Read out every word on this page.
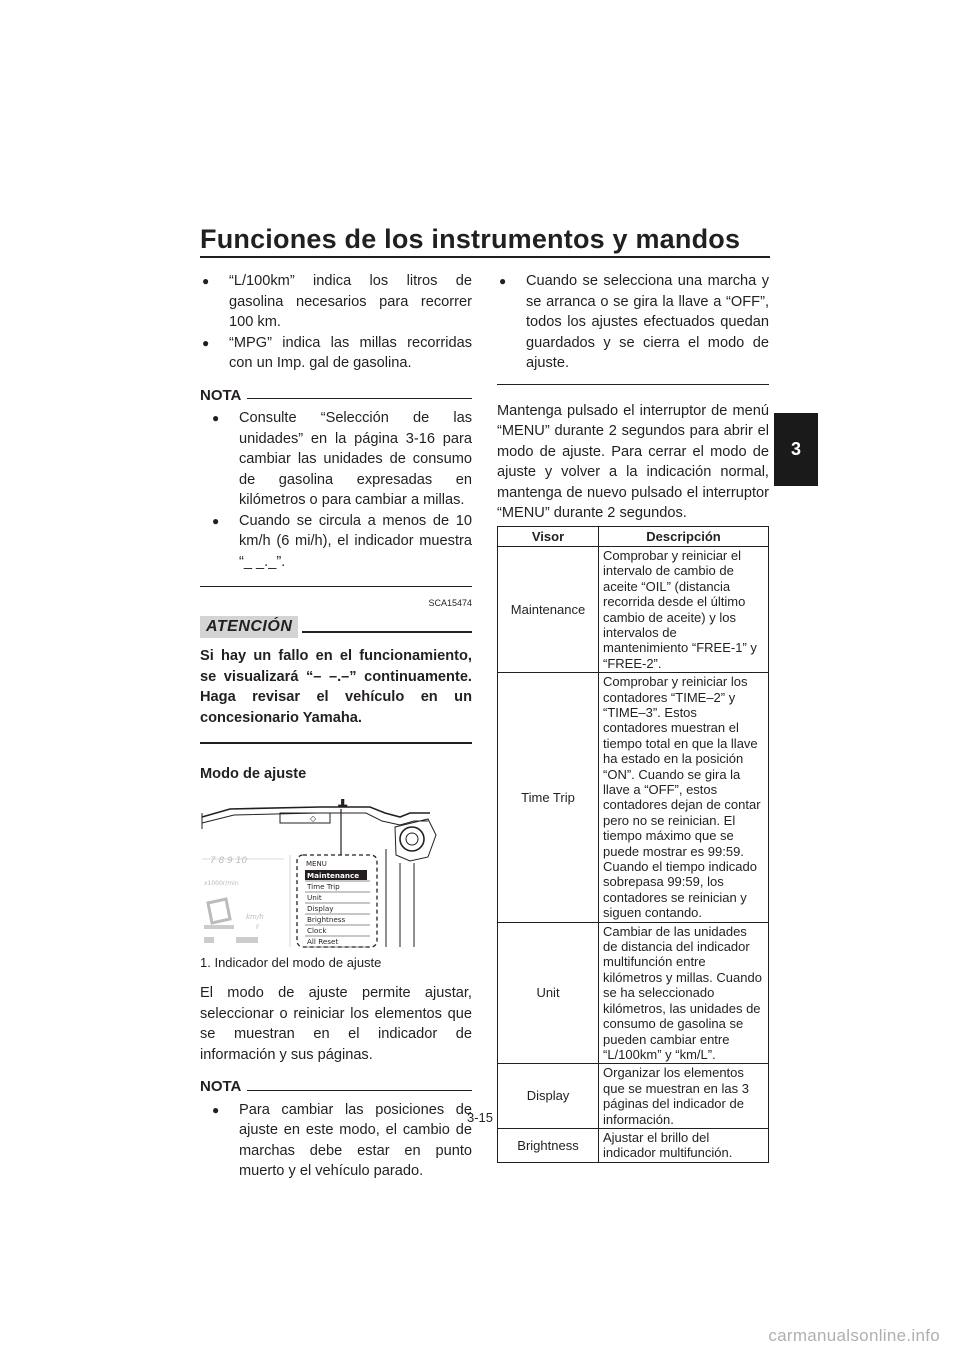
Funciones de los instrumentos y mandos
3
● “L/100km” indica los litros de gasolina necesarios para recorrer 100 km.
● “MPG” indica las millas recorridas con un Imp. gal de gasolina.
NOTA
● Consulte “Selección de las unidades” en la página 3-16 para cambiar las unidades de consumo de gasolina expresadas en kilómetros o para cambiar a millas.
● Cuando se circula a menos de 10 km/h (6 mi/h), el indicador muestra “_ _._”.
SCA15474
ATENCIÓN
Si hay un fallo en el funcionamiento, se visualizará “– –.–” continuamente. Haga revisar el vehículo en un concesionario Yamaha.
Modo de ajuste
◇
7 8 9 10
x1000r/min
km/h
F
1
MENU
Maintenance
Time Trip
Unit
Display
Brightness
Clock
All Reset
1. Indicador del modo de ajuste
El modo de ajuste permite ajustar, seleccionar o reiniciar los elementos que se muestran en el indicador de información y sus páginas.
NOTA
● Para cambiar las posiciones de ajuste en este modo, el cambio de marchas debe estar en punto muerto y el vehículo parado.
● Cuando se selecciona una marcha y se arranca o se gira la llave a “OFF”, todos los ajustes efectuados quedan guardados y se cierra el modo de ajuste.
Mantenga pulsado el interruptor de menú “MENU” durante 2 segundos para abrir el modo de ajuste. Para cerrar el modo de ajuste y volver a la indicación normal, mantenga de nuevo pulsado el interruptor “MENU” durante 2 segundos.
Visor	Descripción
Maintenance	Comprobar y reiniciar el intervalo de cambio de aceite “OIL” (distancia recorrida desde el último cambio de aceite) y los intervalos de mantenimiento “FREE-1” y “FREE-2”.
Time Trip	Comprobar y reiniciar los contadores “TIME–2” y “TIME–3”. Estos contadores muestran el tiempo total en que la llave ha estado en la posición “ON”. Cuando se gira la llave a “OFF”, estos contadores dejan de contar pero no se reinician. El tiempo máximo que se puede mostrar es 99:59. Cuando el tiempo indicado sobrepasa 99:59, los contadores se reinician y siguen contando.
Unit	Cambiar de las unidades de distancia del indicador multifunción entre kilómetros y millas. Cuando se ha seleccionado kilómetros, las unidades de consumo de gasolina se pueden cambiar entre “L/100km” y “km/L”.
Display	Organizar los elementos que se muestran en las 3 páginas del indicador de información.
Brightness	Ajustar el brillo del indicador multifunción.
3-15
carmanualsonline.info
